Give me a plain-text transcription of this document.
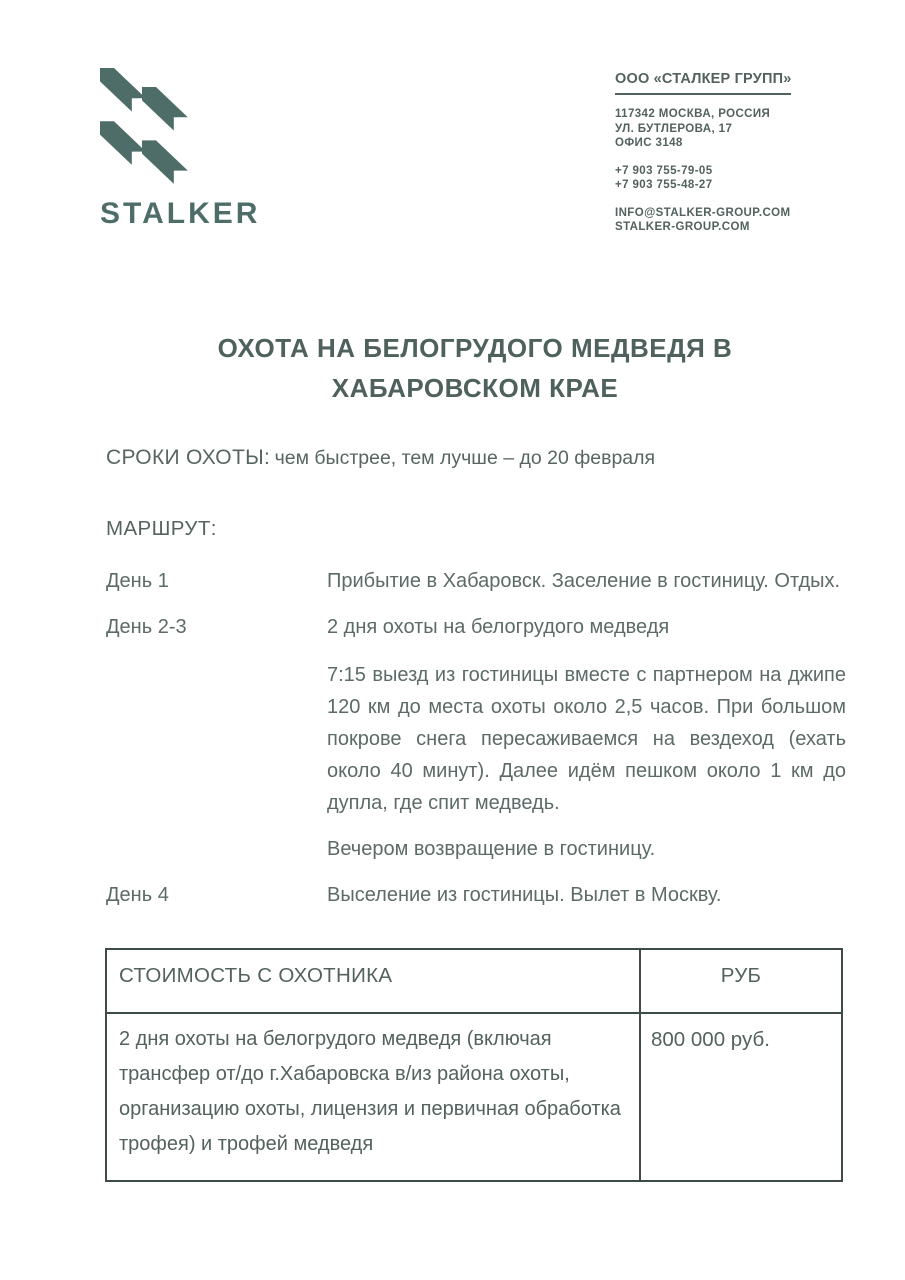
STALKER
ООО «СТАЛКЕР ГРУПП»
117342 МОСКВА, РОССИЯ
УЛ. БУТЛЕРОВА, 17
ОФИС 3148
+7 903 755-79-05
+7 903 755-48-27
INFO@STALKER-GROUP.COM
STALKER-GROUP.COM
ОХОТА НА БЕЛОГРУДОГО МЕДВЕДЯ В ХАБАРОВСКОМ КРАЕ
СРОКИ ОХОТЫ: чем быстрее, тем лучше – до 20 февраля
МАРШРУТ:
День 1	Прибытие в Хабаровск. Заселение в гостиницу. Отдых.
День 2-3	2 дня охоты на белогрудого медведя
7:15 выезд из гостиницы вместе с партнером на джипе 120 км до места охоты около 2,5 часов. При большом покрове снега пересаживаемся на вездеход (ехать около 40 минут). Далее идём пешком около 1 км до дупла, где спит медведь.
Вечером возвращение в гостиницу.
День 4	Выселение из гостиницы. Вылет в Москву.
СТОИМОСТЬ С ОХОТНИКА	РУБ
2 дня охоты на белогрудого медведя (включая трансфер от/до г.Хабаровска в/из района охоты, организацию охоты, лицензия и первичная обработка трофея) и трофей медведя	800 000 руб.
